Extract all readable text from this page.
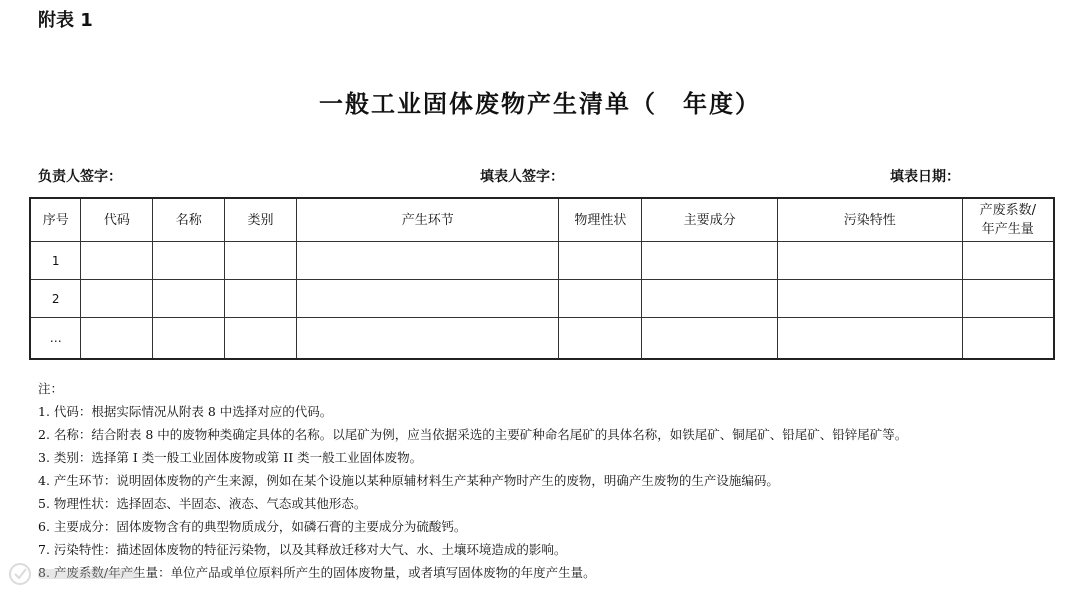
附表 1
一般工业固体废物产生清单（ 年度）
负责人签字：	填表人签字：	填表日期：
序号	代码	名称	类别	产生环节	物理性状	主要成分	污染特性	产废系数/
年产生量
1								
2								
…								
注：
1. 代码：根据实际情况从附表 8 中选择对应的代码。
2. 名称：结合附表 8 中的废物种类确定具体的名称。以尾矿为例，应当依据采选的主要矿种命名尾矿的具体名称，如铁尾矿、铜尾矿、铅尾矿、铅锌尾矿等。
3. 类别：选择第 I 类一般工业固体废物或第 II 类一般工业固体废物。
4. 产生环节：说明固体废物的产生来源，例如在某个设施以某种原辅材料生产某种产物时产生的废物，明确产生废物的生产设施编码。
5. 物理性状：选择固态、半固态、液态、气态或其他形态。
6. 主要成分：固体废物含有的典型物质成分，如磷石膏的主要成分为硫酸钙。
7. 污染特性：描述固体废物的特征污染物，以及其释放迁移对大气、水、土壤环境造成的影响。
8. 产废系数/年产生量：单位产品或单位原料所产生的固体废物量，或者填写固体废物的年度产生量。
